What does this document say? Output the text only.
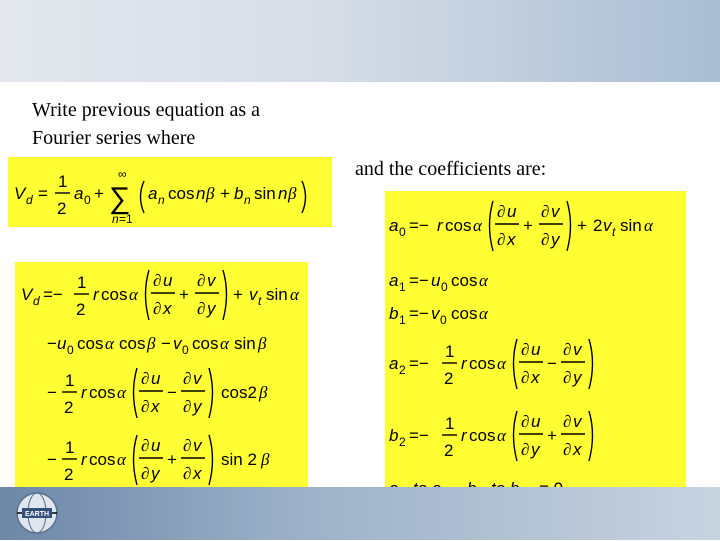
Write previous equation as a
Fourier series where
and the coefficients are:
V d =
1
2
a 0 + ∑
∞
n =1
a n cos n β + b n sin n β
V d =−
1
2
r cos α
∂ u
∂ x
+
∂ v
∂ y
+ v t sin α
− u 0 cos α cos β − v 0 cos α sin β
−
1
2
r cos α
∂ u
∂ x
−
∂ v
∂ y
cos2 β
−
1
2
r cos α
∂ u
∂ y
+
∂ v
∂ x
sin 2 β
a 0 =− r cos α
∂ u
∂ x
+
∂ v
∂ y
+ 2 v t sin α
a 1 =− u 0 cos α
b 1 =− v 0 cos α
a 2 =−
1
2
r cos α
∂ u
∂ x
−
∂ v
∂ y
b 2 =−
1
2
r cos α
∂ u
∂ y
+
∂ v
∂ x
EARTH
